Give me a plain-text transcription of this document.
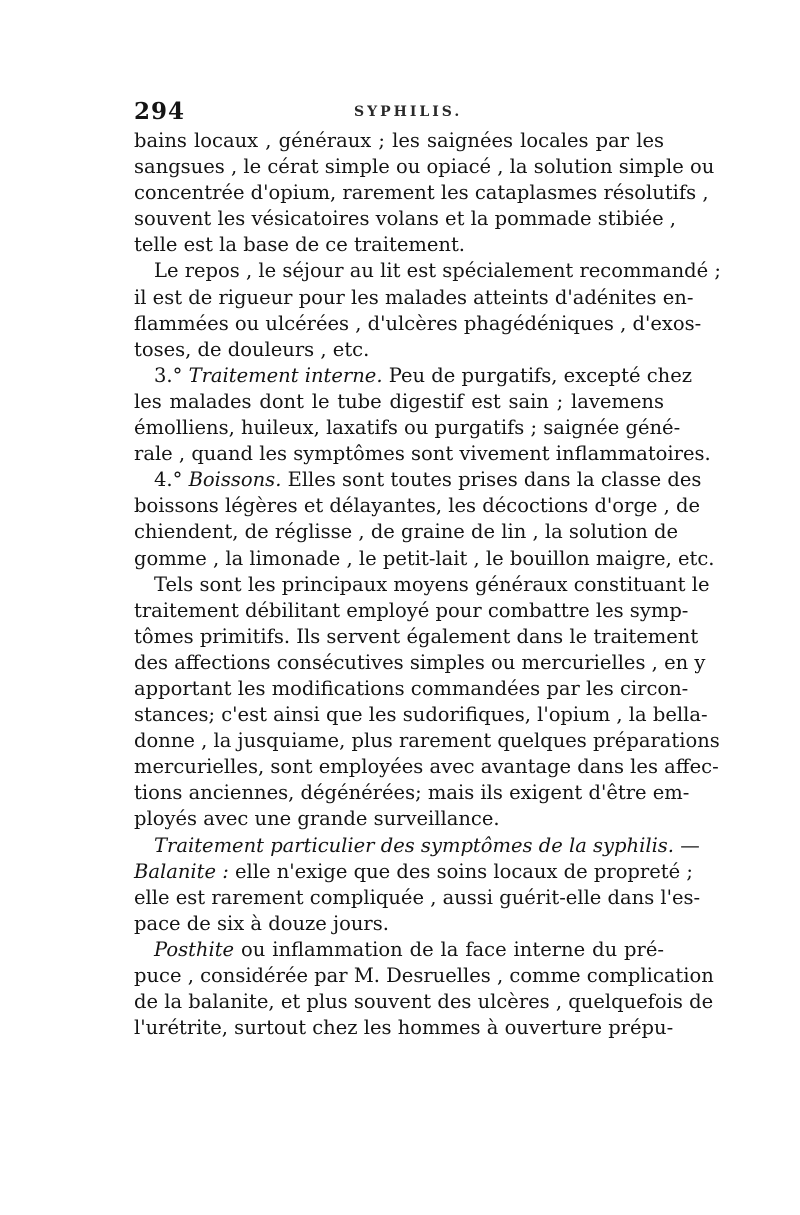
294	SYPHILIS.
bains locaux , généraux ; les saignées locales par les
sangsues , le cérat simple ou opiacé , la solution simple ou
concentrée d'opium, rarement les cataplasmes résolutifs ,
souvent les vésicatoires volans et la pommade stibiée ,
telle est la base de ce traitement.
Le repos , le séjour au lit est spécialement recommandé ;
il est de rigueur pour les malades atteints d'adénites en-
flammées ou ulcérées , d'ulcères phagédéniques , d'exos-
toses, de douleurs , etc.
3.° Traitement interne. Peu de purgatifs, excepté chez
les malades dont le tube digestif est sain ; lavemens
émolliens, huileux, laxatifs ou purgatifs ; saignée géné-
rale , quand les symptômes sont vivement inflammatoires.
4.° Boissons. Elles sont toutes prises dans la classe des
boissons légères et délayantes, les décoctions d'orge , de
chiendent, de réglisse , de graine de lin , la solution de
gomme , la limonade , le petit-lait , le bouillon maigre, etc.
Tels sont les principaux moyens généraux constituant le
traitement débilitant employé pour combattre les symp-
tômes primitifs. Ils servent également dans le traitement
des affections consécutives simples ou mercurielles , en y
apportant les modifications commandées par les circon-
stances; c'est ainsi que les sudorifiques, l'opium , la bella-
donne , la jusquiame, plus rarement quelques préparations
mercurielles, sont employées avec avantage dans les affec-
tions anciennes, dégénérées; mais ils exigent d'être em-
ployés avec une grande surveillance.
Traitement particulier des symptômes de la syphilis. —
Balanite : elle n'exige que des soins locaux de propreté ;
elle est rarement compliquée , aussi guérit-elle dans l'es-
pace de six à douze jours.
Posthite ou inflammation de la face interne du pré-
puce , considérée par M. Desruelles , comme complication
de la balanite, et plus souvent des ulcères , quelquefois de
l'urétrite, surtout chez les hommes à ouverture prépu-
